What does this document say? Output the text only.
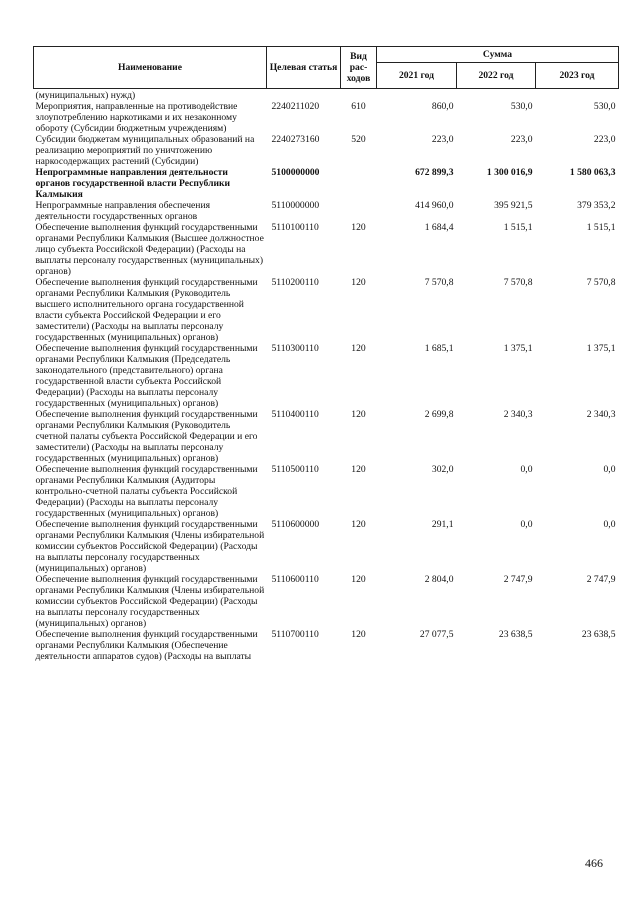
Наименование	Целевая статья	Вид рас-ходов	Сумма		
			2021 год	2022 год	2023 год
(муниципальных) нужд)					
Мероприятия, направленные на противодействие злоупотреблению наркотиками и их незаконному обороту (Субсидии бюджетным учреждениям)	2240211020	610	860,0	530,0	530,0
Субсидии бюджетам муниципальных образований на реализацию мероприятий по уничтожению наркосодержащих растений (Субсидии)	2240273160	520	223,0	223,0	223,0
Непрограммные направления деятельности органов государственной власти Республики Калмыкия	5100000000		672 899,3	1 300 016,9	1 580 063,3
Непрограммные направления обеспечения деятельности государственных органов	5110000000		414 960,0	395 921,5	379 353,2
Обеспечение выполнения функций государственными органами Республики Калмыкия (Высшее должностное лицо субъекта Российской Федерации) (Расходы на выплаты персоналу государственных (муниципальных) органов)	5110100110	120	1 684,4	1 515,1	1 515,1
Обеспечение выполнения функций государственными органами Республики Калмыкия (Руководитель высшего исполнительного органа государственной власти субъекта Российской Федерации и его заместители) (Расходы на выплаты персоналу государственных (муниципальных) органов)	5110200110	120	7 570,8	7 570,8	7 570,8
Обеспечение выполнения функций государственными органами Республики Калмыкия (Председатель законодательного (представительного) органа государственной власти субъекта Российской Федерации) (Расходы на выплаты персоналу государственных (муниципальных) органов)	5110300110	120	1 685,1	1 375,1	1 375,1
Обеспечение выполнения функций государственными органами Республики Калмыкия (Руководитель счетной палаты субъекта Российской Федерации и его заместители) (Расходы на выплаты персоналу государственных (муниципальных) органов)	5110400110	120	2 699,8	2 340,3	2 340,3
Обеспечение выполнения функций государственными органами Республики Калмыкия (Аудиторы контрольно-счетной палаты субъекта Российской Федерации) (Расходы на выплаты персоналу государственных (муниципальных) органов)	5110500110	120	302,0	0,0	0,0
Обеспечение выполнения функций государственными органами Республики Калмыкия (Члены избирательной комиссии субъектов Российской Федерации) (Расходы на выплаты персоналу государственных (муниципальных) органов)	5110600000	120	291,1	0,0	0,0
Обеспечение выполнения функций государственными органами Республики Калмыкия (Члены избирательной комиссии субъектов Российской Федерации) (Расходы на выплаты персоналу государственных (муниципальных) органов)	5110600110	120	2 804,0	2 747,9	2 747,9
Обеспечение выполнения функций государственными органами Республики Калмыкия (Обеспечение деятельности аппаратов судов) (Расходы на выплаты	5110700110	120	27 077,5	23 638,5	23 638,5
466
